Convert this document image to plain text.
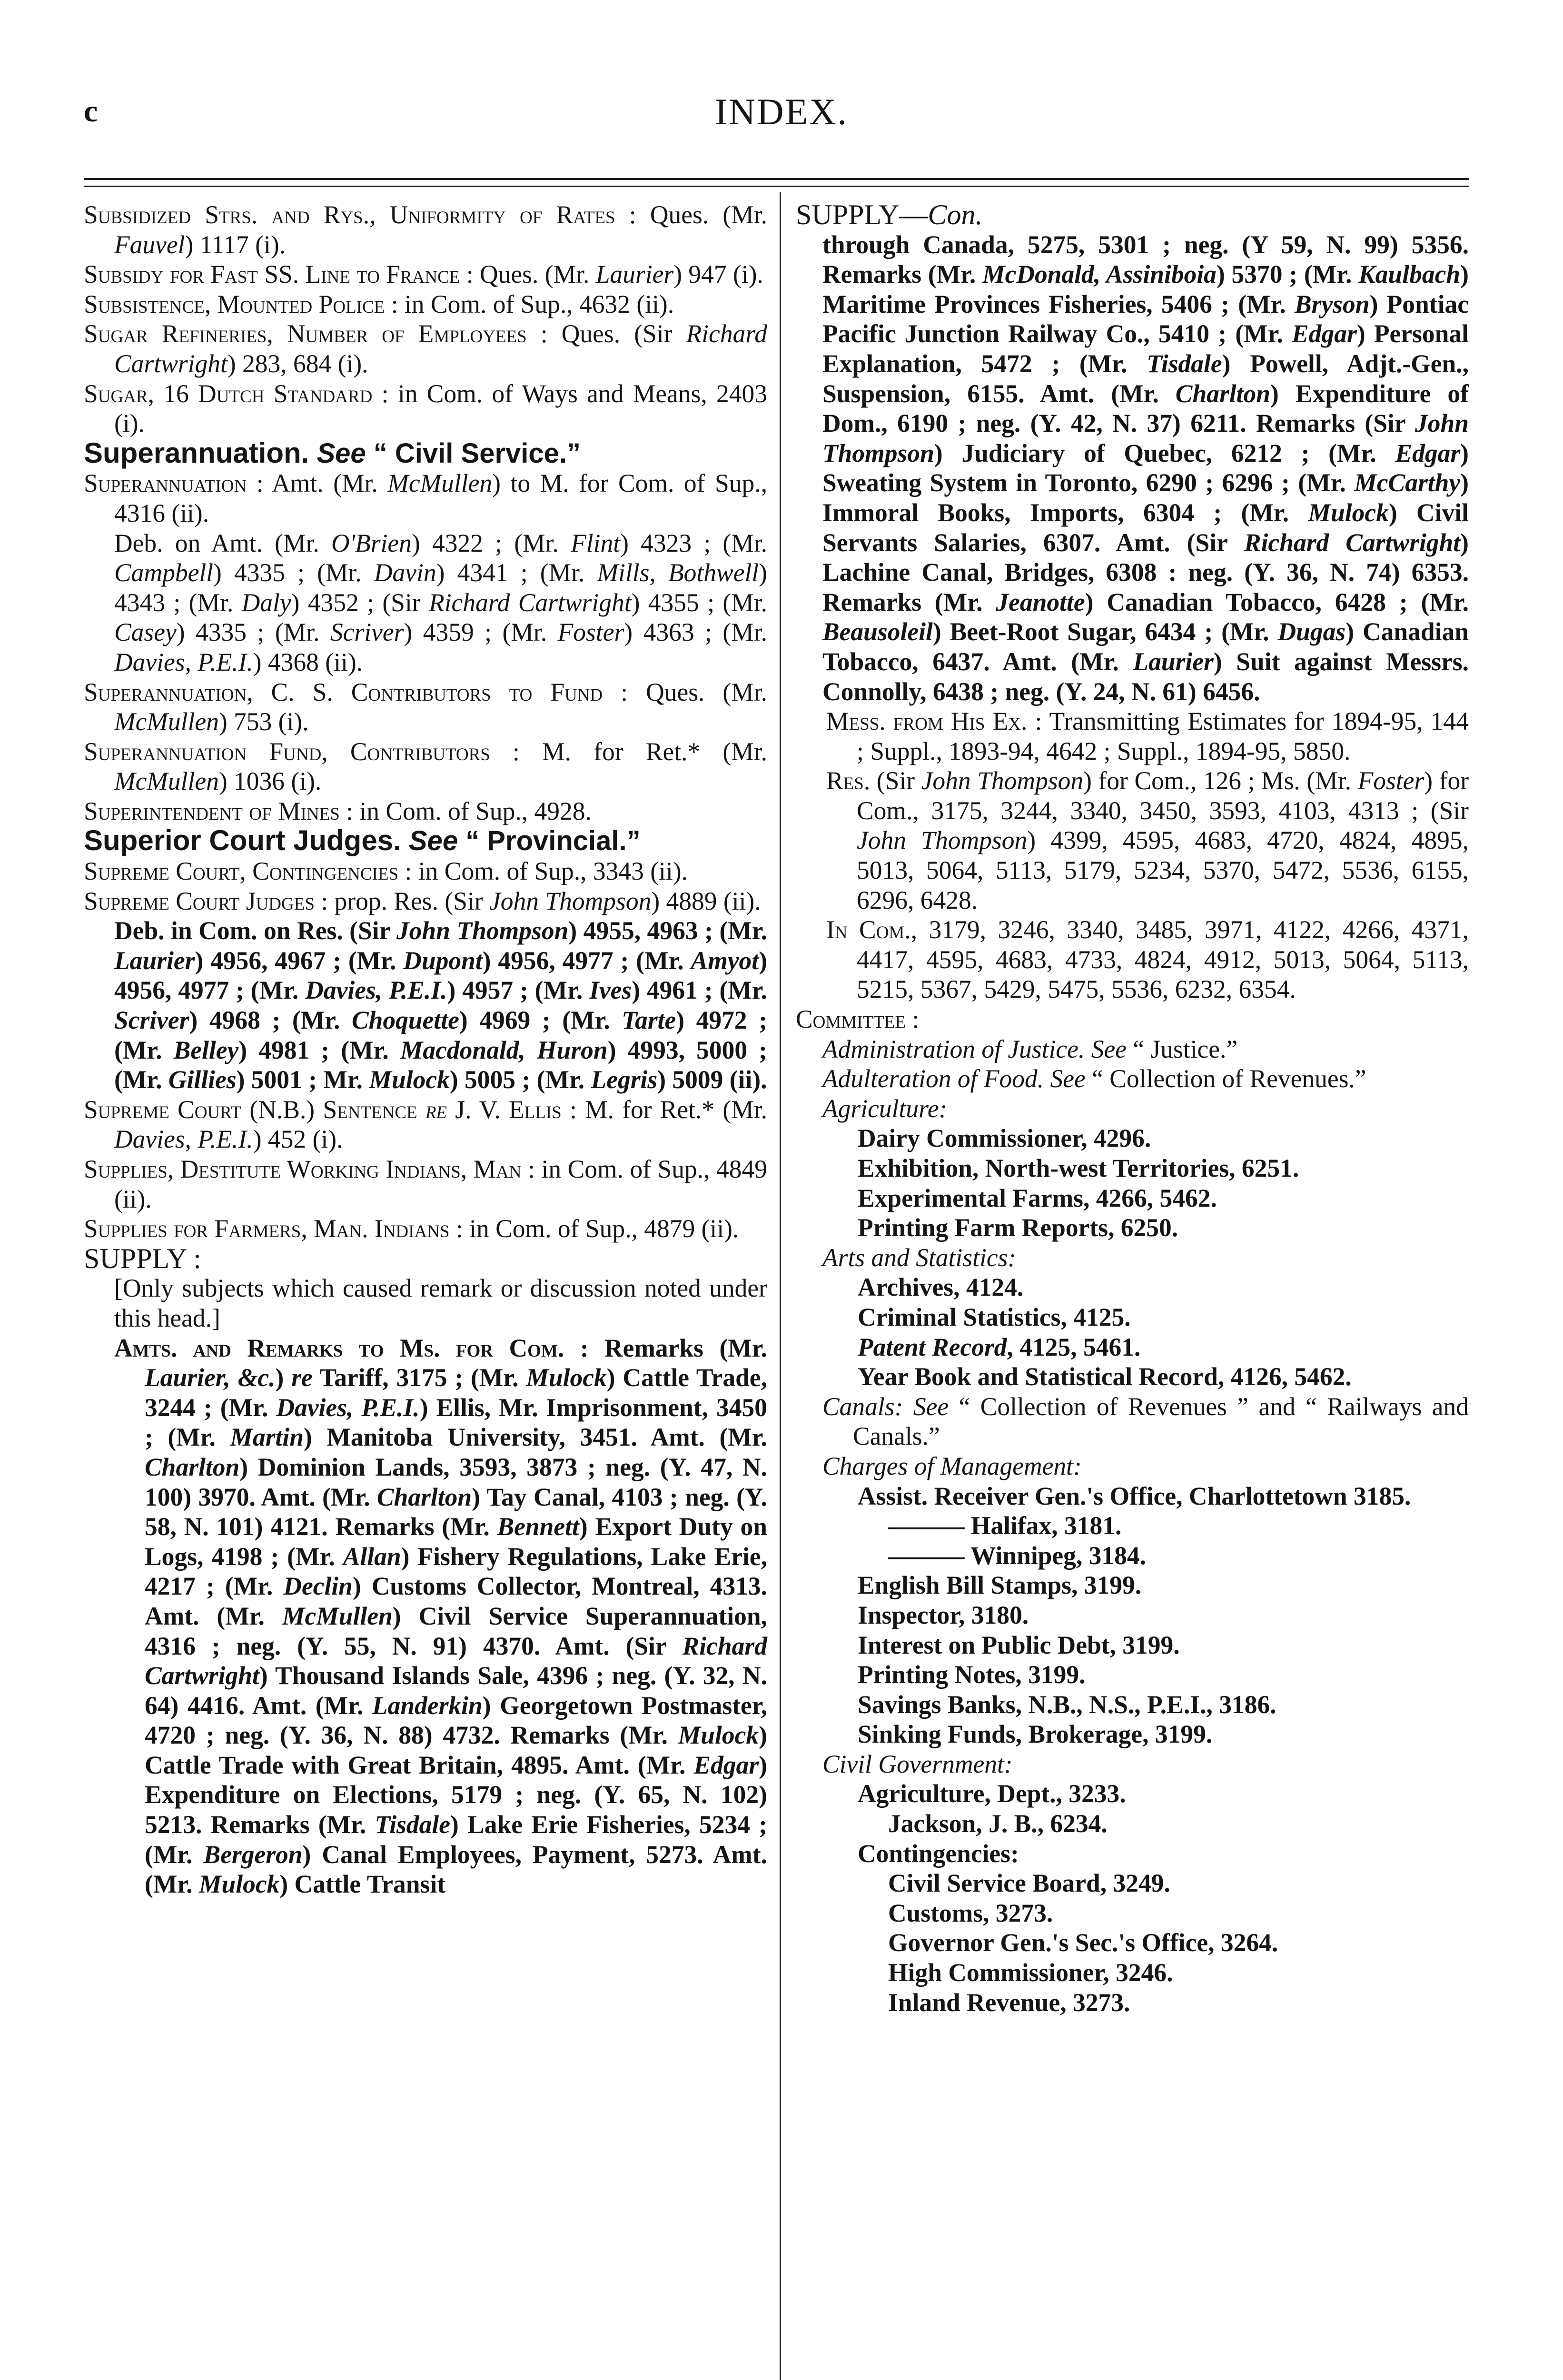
c	INDEX.

Subsidized Strs. and Rys., Uniformity of Rates : Ques. (Mr. Fauvel) 1117 (i).

Subsidy for Fast SS. Line to France : Ques. (Mr. Laurier) 947 (i).

Subsistence, Mounted Police : in Com. of Sup., 4632 (ii).

Sugar Refineries, Number of Employees : Ques. (Sir Richard Cartwright) 283, 684 (i).

Sugar, 16 Dutch Standard : in Com. of Ways and Means, 2403 (i).

Superannuation. See “ Civil Service.”

Superannuation : Amt. (Mr. McMullen) to M. for Com. of Sup., 4316 (ii).

Deb. on Amt. (Mr. O'Brien) 4322 ; (Mr. Flint) 4323 ; (Mr. Campbell) 4335 ; (Mr. Davin) 4341 ; (Mr. Mills, Bothwell) 4343 ; (Mr. Daly) 4352 ; (Sir Richard Cartwright) 4355 ; (Mr. Casey) 4335 ; (Mr. Scriver) 4359 ; (Mr. Foster) 4363 ; (Mr. Davies, P.E.I.) 4368 (ii).

Superannuation, C. S. Contributors to Fund : Ques. (Mr. McMullen) 753 (i).

Superannuation Fund, Contributors : M. for Ret.* (Mr. McMullen) 1036 (i).

Superintendent of Mines : in Com. of Sup., 4928.

Superior Court Judges. See “ Provincial.”

Supreme Court, Contingencies : in Com. of Sup., 3343 (ii).

Supreme Court Judges : prop. Res. (Sir John Thompson) 4889 (ii).

Deb. in Com. on Res. (Sir John Thompson) 4955, 4963 ; (Mr. Laurier) 4956, 4967 ; (Mr. Dupont) 4956, 4977 ; (Mr. Amyot) 4956, 4977 ; (Mr. Davies, P.E.I.) 4957 ; (Mr. Ives) 4961 ; (Mr. Scriver) 4968 ; (Mr. Choquette) 4969 ; (Mr. Tarte) 4972 ; (Mr. Belley) 4981 ; (Mr. Macdonald, Huron) 4993, 5000 ; (Mr. Gillies) 5001 ; Mr. Mulock) 5005 ; (Mr. Legris) 5009 (ii).

Supreme Court (N.B.) Sentence re J. V. Ellis : M. for Ret.* (Mr. Davies, P.E.I.) 452 (i).

Supplies, Destitute Working Indians, Man : in Com. of Sup., 4849 (ii).

Supplies for Farmers, Man. Indians : in Com. of Sup., 4879 (ii).

SUPPLY :

[Only subjects which caused remark or discussion noted under this head.]

Amts. and Remarks to Ms. for Com. : Remarks (Mr. Laurier, &c.) re Tariff, 3175 ; (Mr. Mulock) Cattle Trade, 3244 ; (Mr. Davies, P.E.I.) Ellis, Mr. Imprisonment, 3450 ; (Mr. Martin) Manitoba University, 3451. Amt. (Mr. Charlton) Dominion Lands, 3593, 3873 ; neg. (Y. 47, N. 100) 3970. Amt. (Mr. Charlton) Tay Canal, 4103 ; neg. (Y. 58, N. 101) 4121. Remarks (Mr. Bennett) Export Duty on Logs, 4198 ; (Mr. Allan) Fishery Regulations, Lake Erie, 4217 ; (Mr. Declin) Customs Collector, Montreal, 4313. Amt. (Mr. McMullen) Civil Service Superannuation, 4316 ; neg. (Y. 55, N. 91) 4370. Amt. (Sir Richard Cartwright) Thousand Islands Sale, 4396 ; neg. (Y. 32, N. 64) 4416. Amt. (Mr. Landerkin) Georgetown Postmaster, 4720 ; neg. (Y. 36, N. 88) 4732. Remarks (Mr. Mulock) Cattle Trade with Great Britain, 4895. Amt. (Mr. Edgar) Expenditure on Elections, 5179 ; neg. (Y. 65, N. 102) 5213. Remarks (Mr. Tisdale) Lake Erie Fisheries, 5234 ; (Mr. Bergeron) Canal Employees, Payment, 5273. Amt. (Mr. Mulock) Cattle Transit

SUPPLY—Con.

through Canada, 5275, 5301 ; neg. (Y 59, N. 99) 5356. Remarks (Mr. McDonald, Assiniboia) 5370 ; (Mr. Kaulbach) Maritime Provinces Fisheries, 5406 ; (Mr. Bryson) Pontiac Pacific Junction Railway Co., 5410 ; (Mr. Edgar) Personal Explanation, 5472 ; (Mr. Tisdale) Powell, Adjt.-Gen., Suspension, 6155. Amt. (Mr. Charlton) Expenditure of Dom., 6190 ; neg. (Y. 42, N. 37) 6211. Remarks (Sir John Thompson) Judiciary of Quebec, 6212 ; (Mr. Edgar) Sweating System in Toronto, 6290 ; 6296 ; (Mr. McCarthy) Immoral Books, Imports, 6304 ; (Mr. Mulock) Civil Servants Salaries, 6307. Amt. (Sir Richard Cartwright) Lachine Canal, Bridges, 6308 : neg. (Y. 36, N. 74) 6353. Remarks (Mr. Jeanotte) Canadian Tobacco, 6428 ; (Mr. Beausoleil) Beet-Root Sugar, 6434 ; (Mr. Dugas) Canadian Tobacco, 6437. Amt. (Mr. Laurier) Suit against Messrs. Connolly, 6438 ; neg. (Y. 24, N. 61) 6456.

Mess. from His Ex. : Transmitting Estimates for 1894-95, 144 ; Suppl., 1893-94, 4642 ; Suppl., 1894-95, 5850.

Res. (Sir John Thompson) for Com., 126 ; Ms. (Mr. Foster) for Com., 3175, 3244, 3340, 3450, 3593, 4103, 4313 ; (Sir John Thompson) 4399, 4595, 4683, 4720, 4824, 4895, 5013, 5064, 5113, 5179, 5234, 5370, 5472, 5536, 6155, 6296, 6428.

In Com., 3179, 3246, 3340, 3485, 3971, 4122, 4266, 4371, 4417, 4595, 4683, 4733, 4824, 4912, 5013, 5064, 5113, 5215, 5367, 5429, 5475, 5536, 6232, 6354.

Committee :

Administration of Justice. See “ Justice.”

Adulteration of Food. See “ Collection of Revenues.”

Agriculture:

Dairy Commissioner, 4296.

Exhibition, North-west Territories, 6251.

Experimental Farms, 4266, 5462.

Printing Farm Reports, 6250.

Arts and Statistics:

Archives, 4124.

Criminal Statistics, 4125.

Patent Record, 4125, 5461.

Year Book and Statistical Record, 4126, 5462.

Canals: See “ Collection of Revenues ” and “ Railways and Canals.”

Charges of Management:

Assist. Receiver Gen.'s Office, Charlottetown 3185.

——— Halifax, 3181.

——— Winnipeg, 3184.

English Bill Stamps, 3199.

Inspector, 3180.

Interest on Public Debt, 3199.

Printing Notes, 3199.

Savings Banks, N.B., N.S., P.E.I., 3186.

Sinking Funds, Brokerage, 3199.

Civil Government:

Agriculture, Dept., 3233.

Jackson, J. B., 6234.

Contingencies:

Civil Service Board, 3249.

Customs, 3273.

Governor Gen.'s Sec.'s Office, 3264.

High Commissioner, 3246.

Inland Revenue, 3273.
